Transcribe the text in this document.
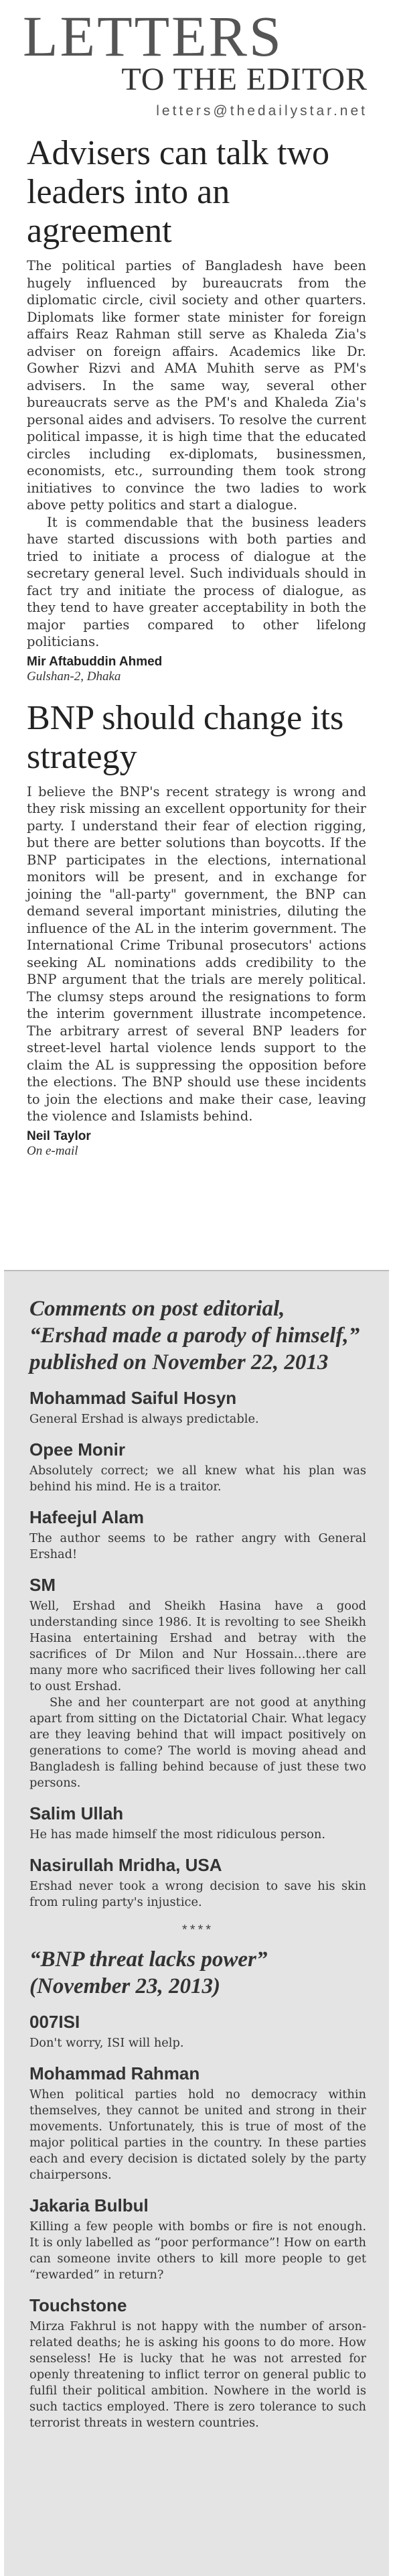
LETTERS
TO THE EDITOR
letters@thedailystar.net
Advisers can talk two leaders into an agreement

The political parties of Bangladesh have been hugely influenced by bureaucrats from the diplomatic circle, civil society and other quarters. Diplomats like former state minister for foreign affairs Reaz Rahman still serve as Khaleda Zia's adviser on foreign affairs. Academics like Dr. Gowher Rizvi and AMA Muhith serve as PM's advisers. In the same way, several other bureaucrats serve as the PM's and Khaleda Zia's personal aides and advisers. To resolve the current political impasse, it is high time that the educated circles including ex-diplomats, businessmen, economists, etc., surrounding them took strong initiatives to convince the two ladies to work above petty politics and start a dialogue.

It is commendable that the business leaders have started discussions with both parties and tried to initiate a process of dialogue at the secretary general level. Such individuals should in fact try and initiate the process of dialogue, as they tend to have greater acceptability in both the major parties compared to other lifelong politicians.

Mir Aftabuddin Ahmed
Gulshan-2, Dhaka
BNP should change its strategy

I believe the BNP's recent strategy is wrong and they risk missing an excellent opportunity for their party. I understand their fear of election rigging, but there are better solutions than boycotts. If the BNP participates in the elections, international monitors will be present, and in exchange for joining the "all-party" government, the BNP can demand several important ministries, diluting the influence of the AL in the interim government. The International Crime Tribunal prosecutors' actions seeking AL nominations adds credibility to the BNP argument that the trials are merely political. The clumsy steps around the resignations to form the interim government illustrate incompetence. The arbitrary arrest of several BNP leaders for street-level hartal violence lends support to the claim the AL is suppressing the opposition before the elections. The BNP should use these incidents to join the elections and make their case, leaving the violence and Islamists behind.

Neil Taylor
On e-mail
Comments on post editorial, “Ershad made a parody of himself,” published on November 22, 2013
Mohammad Saiful Hosyn

General Ershad is always predictable.

Opee Monir

Absolutely correct; we all knew what his plan was behind his mind. He is a traitor.

Hafeejul Alam

The author seems to be rather angry with General Ershad!

SM

Well, Ershad and Sheikh Hasina have a good understanding since 1986. It is revolting to see Sheikh Hasina entertaining Ershad and betray with the sacrifices of Dr Milon and Nur Hossain…there are many more who sacrificed their lives following her call to oust Ershad.

She and her counterpart are not good at anything apart from sitting on the Dictatorial Chair. What legacy are they leaving behind that will impact positively on generations to come? The world is moving ahead and Bangladesh is falling behind because of just these two persons.

Salim Ullah

He has made himself the most ridiculous person.

Nasirullah Mridha, USA

Ershad never took a wrong decision to save his skin from ruling party's injustice.

****
“BNP threat lacks power” (November 23, 2013)
007ISI

Don't worry, ISI will help.

Mohammad Rahman

When political parties hold no democracy within themselves, they cannot be united and strong in their movements. Unfortunately, this is true of most of the major political parties in the country. In these parties each and every decision is dictated solely by the party chairpersons.

Jakaria Bulbul

Killing a few people with bombs or fire is not enough. It is only labelled as “poor performance”! How on earth can someone invite others to kill more people to get “rewarded” in return?

Touchstone

Mirza Fakhrul is not happy with the number of arson-related deaths; he is asking his goons to do more. How senseless! He is lucky that he was not arrested for openly threatening to inflict terror on general public to fulfil their political ambition. Nowhere in the world is such tactics employed. There is zero tolerance to such terrorist threats in western countries.
